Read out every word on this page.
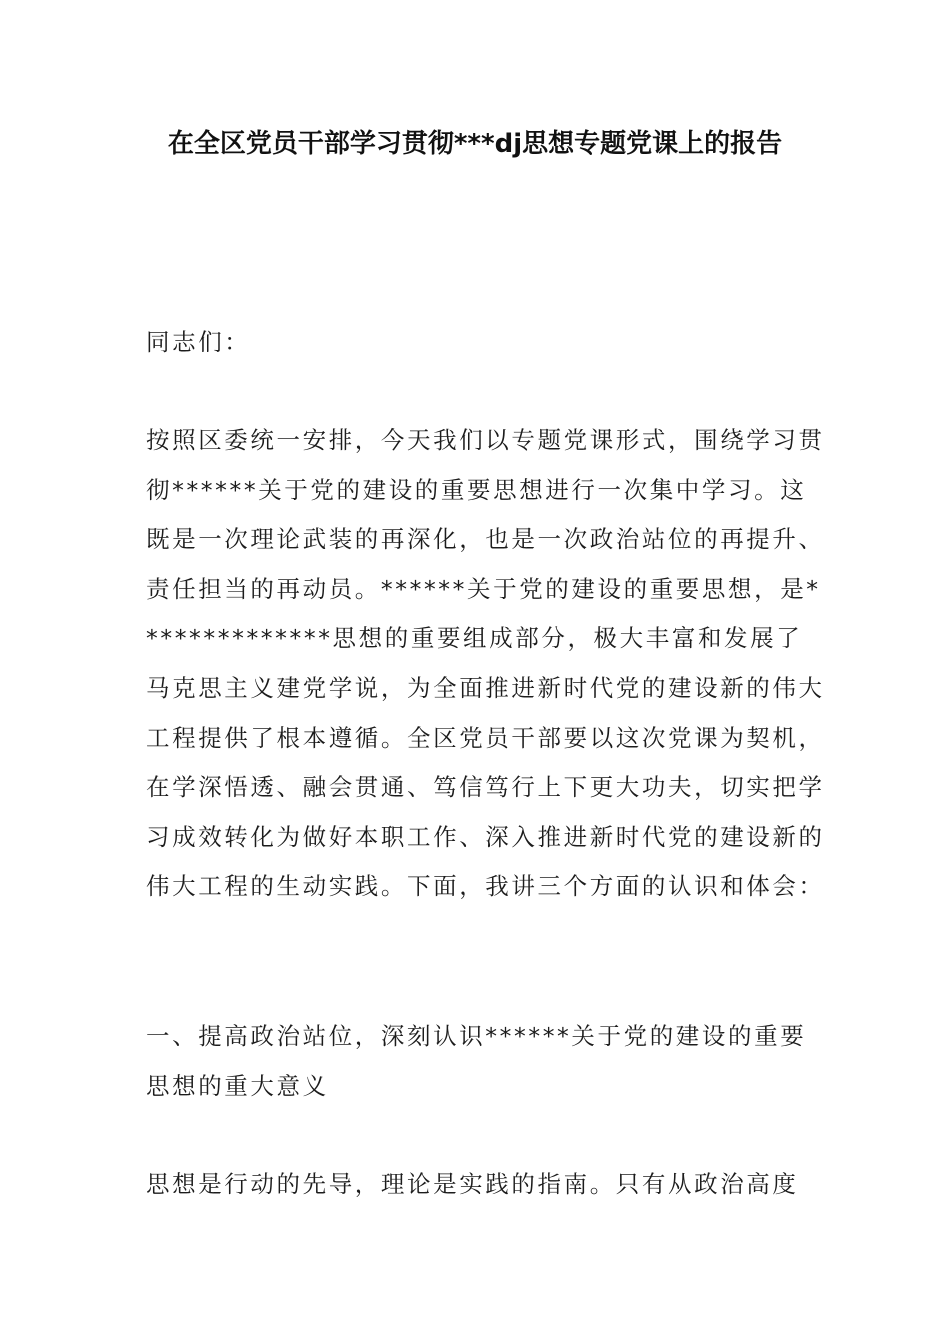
在全区党员干部学习贯彻***dj思想专题党课上的报告
同志们：
按照区委统一安排，今天我们以专题党课形式，围绕学习贯彻******关于党的建设的重要思想进行一次集中学习。这既是一次理论武装的再深化，也是一次政治站位的再提升、责任担当的再动员。******关于党的建设的重要思想，是**************思想的重要组成部分，极大丰富和发展了马克思主义建党学说，为全面推进新时代党的建设新的伟大工程提供了根本遵循。全区党员干部要以这次党课为契机，在学深悟透、融会贯通、笃信笃行上下更大功夫，切实把学习成效转化为做好本职工作、深入推进新时代党的建设新的伟大工程的生动实践。下面，我讲三个方面的认识和体会：
一、提高政治站位，深刻认识******关于党的建设的重要思想的重大意义
思想是行动的先导，理论是实践的指南。只有从政治高度
